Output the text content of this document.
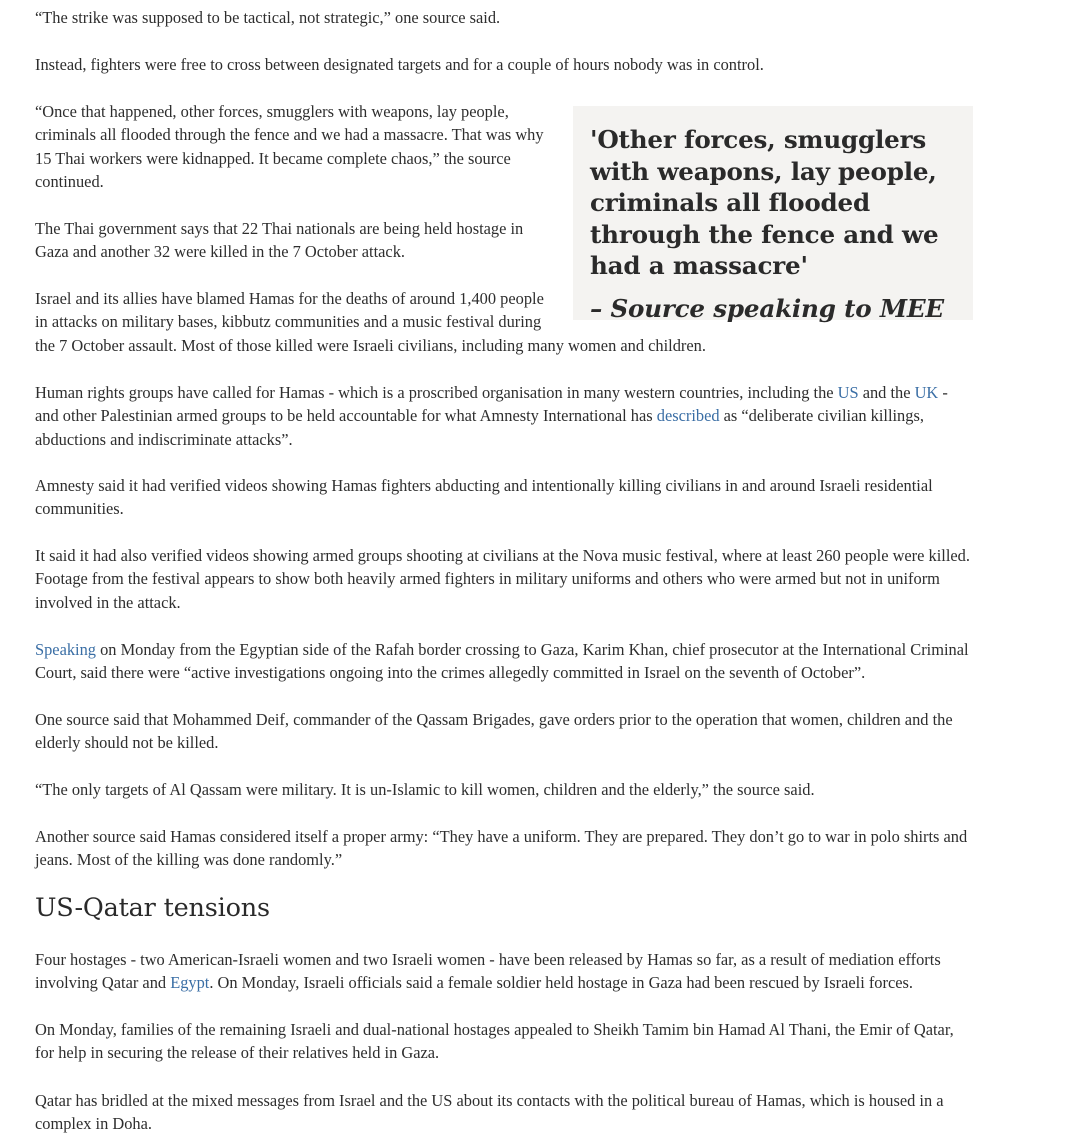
“The strike was supposed to be tactical, not strategic,” one source said.

Instead, fighters were free to cross between designated targets and for a couple of hours nobody was in control.

“Once that happened, other forces, smugglers with weapons, lay people, criminals all flooded through the fence and we had a massacre. That was why 15 Thai workers were kidnapped. It became complete chaos,” the source continued.

The Thai government says that 22 Thai nationals are being held hostage in Gaza and another 32 were killed in the 7 October attack.

Israel and its allies have blamed Hamas for the deaths of around 1,400 people
in attacks on military bases, kibbutz communities and a music festival during
the 7 October assault. Most of those killed were Israeli civilians, including many women and children.

Human rights groups have called for Hamas - which is a proscribed organisation in many western countries, including the US and the UK - and other Palestinian armed groups to be held accountable for what Amnesty International has described as “deliberate civilian killings, abductions and indiscriminate attacks”.

Amnesty said it had verified videos showing Hamas fighters abducting and intentionally killing civilians in and around Israeli residential communities.

It said it had also verified videos showing armed groups shooting at civilians at the Nova music festival, where at least 260 people were killed. Footage from the festival appears to show both heavily armed fighters in military uniforms and others who were armed but not in uniform involved in the attack.

Speaking on Monday from the Egyptian side of the Rafah border crossing to Gaza, Karim Khan, chief prosecutor at the International Criminal Court, said there were “active investigations ongoing into the crimes allegedly committed in Israel on the seventh of October”.

One source said that Mohammed Deif, commander of the Qassam Brigades, gave orders prior to the operation that women, children and the elderly should not be killed.

“The only targets of Al Qassam were military. It is un-Islamic to kill women, children and the elderly,” the source said.

Another source said Hamas considered itself a proper army: “They have a uniform. They are prepared. They don’t go to war in polo shirts and jeans. Most of the killing was done randomly.”

US-Qatar tensions

Four hostages - two American-Israeli women and two Israeli women - have been released by Hamas so far, as a result of mediation efforts involving Qatar and Egypt. On Monday, Israeli officials said a female soldier held hostage in Gaza had been rescued by Israeli forces.

On Monday, families of the remaining Israeli and dual-national hostages appealed to Sheikh Tamim bin Hamad Al Thani, the Emir of Qatar, for help in securing the release of their relatives held in Gaza.

Qatar has bridled at the mixed messages from Israel and the US about its contacts with the political bureau of Hamas, which is housed in a complex in Doha.

'Other forces, smugglers with weapons, lay people, criminals all flooded through the fence and we had a massacre'

– Source speaking to MEE
